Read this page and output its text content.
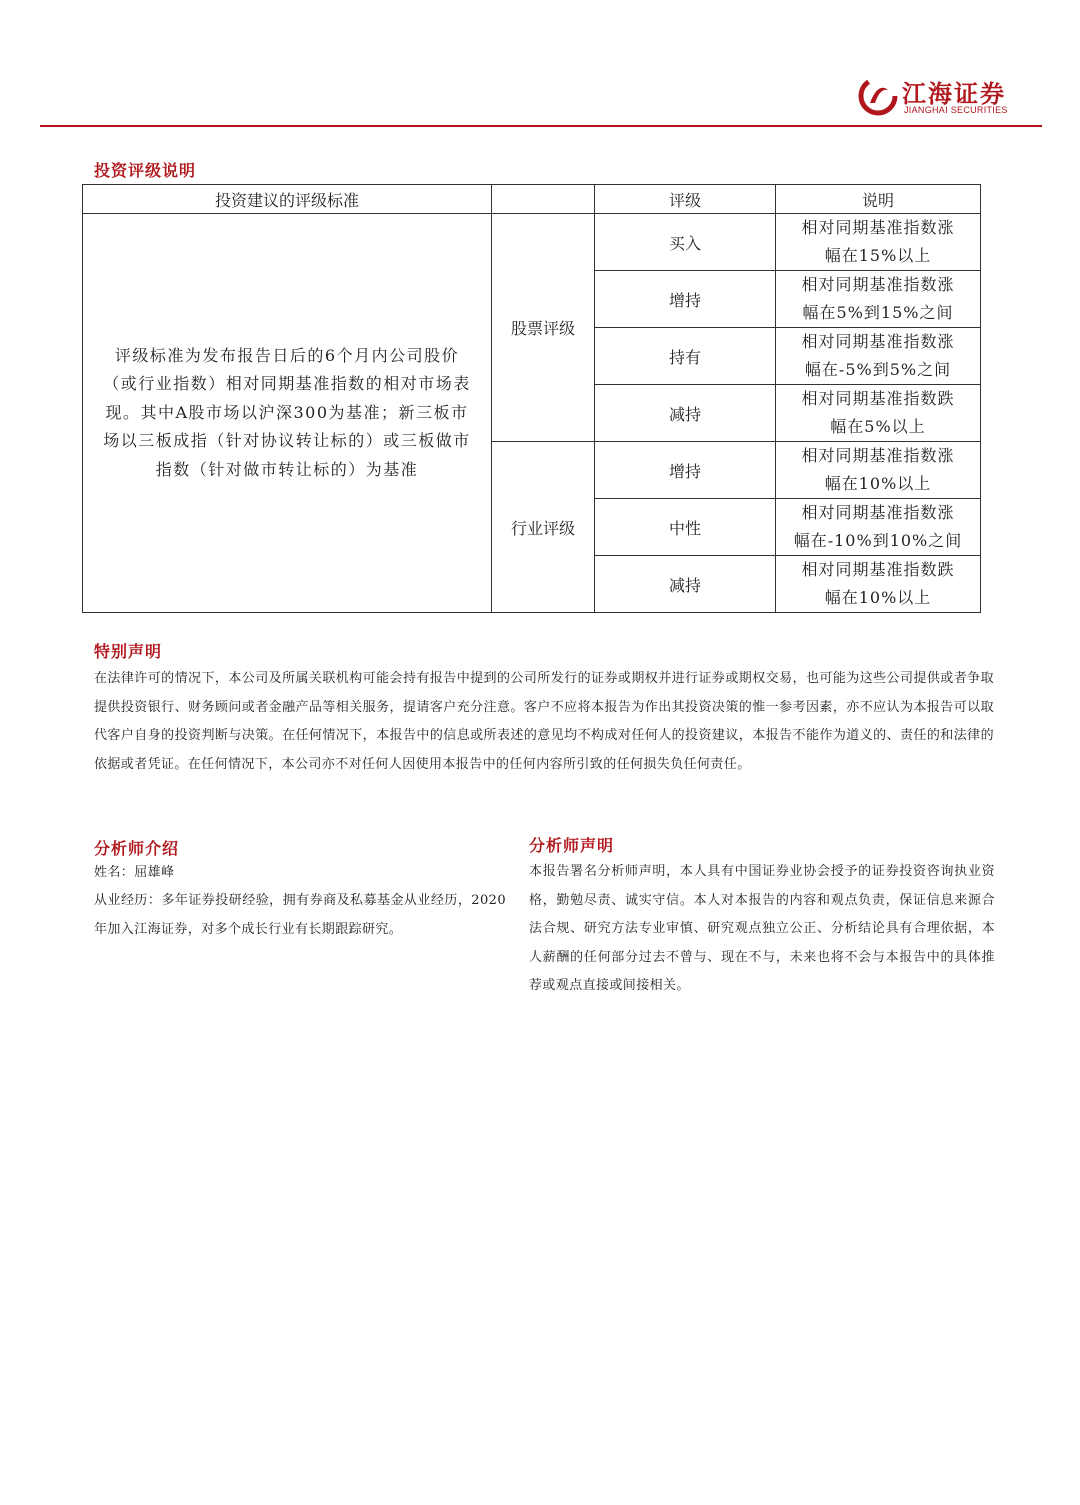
江海证券
JIANGHAI SECURITIES
投资评级说明
投资建议的评级标准		评级	说明
评级标准为发布报告日后的6个月内公司股价（或行业指数）相对同期基准指数的相对市场表现。其中A股市场以沪深300为基准；新三板市场以三板成指（针对协议转让标的）或三板做市指数（针对做市转让标的）为基准	股票评级	买入	相对同期基准指数涨
幅在15%以上
		增持	相对同期基准指数涨
幅在5%到15%之间
		持有	相对同期基准指数涨
幅在-5%到5%之间
		减持	相对同期基准指数跌
幅在5%以上
	行业评级	增持	相对同期基准指数涨
幅在10%以上
		中性	相对同期基准指数涨
幅在-10%到10%之间
		减持	相对同期基准指数跌
幅在10%以上
特别声明
在法律许可的情况下，本公司及所属关联机构可能会持有报告中提到的公司所发行的证券或期权并进行证券或期权交易，也可能为这些公司提供或者争取提供投资银行、财务顾问或者金融产品等相关服务，提请客户充分注意。客户不应将本报告为作出其投资决策的惟一参考因素，亦不应认为本报告可以取代客户自身的投资判断与决策。在任何情况下，本报告中的信息或所表述的意见均不构成对任何人的投资建议，本报告不能作为道义的、责任的和法律的依据或者凭证。在任何情况下，本公司亦不对任何人因使用本报告中的任何内容所引致的任何损失负任何责任。
分析师介绍
姓名：屈雄峰
从业经历：多年证券投研经验，拥有券商及私募基金从业经历，2020年加入江海证券，对多个成长行业有长期跟踪研究。
分析师声明
本报告署名分析师声明，本人具有中国证券业协会授予的证券投资咨询执业资格，勤勉尽责、诚实守信。本人对本报告的内容和观点负责，保证信息来源合法合规、研究方法专业审慎、研究观点独立公正、分析结论具有合理依据，本人薪酬的任何部分过去不曾与、现在不与，未来也将不会与本报告中的具体推荐或观点直接或间接相关。
